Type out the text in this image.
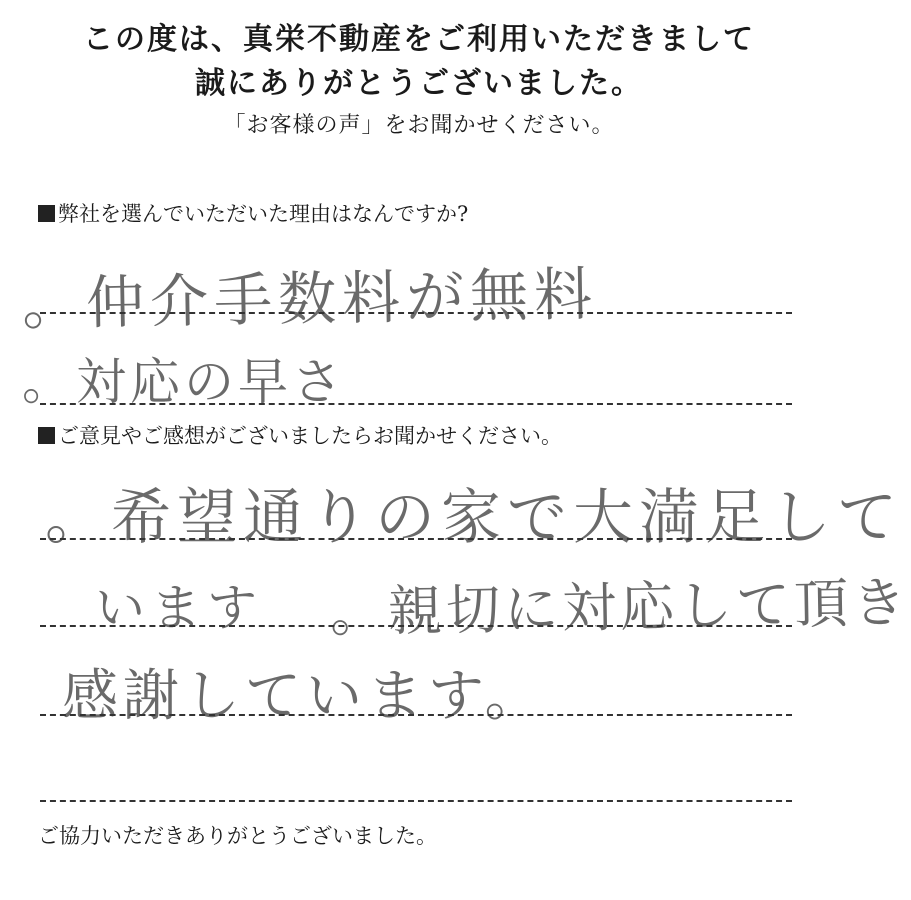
この度は、真栄不動産をご利用いただきまして
誠にありがとうございました。
「お客様の声」をお聞かせください。
弊社を選んでいただいた理由はなんですか?
。仲介手数料が無料
。対応の早さ
ご意見やご感想がございましたらお聞かせください。
。希望通りの家で大満足して
います 。親切に対応して頂き
感謝しています。
ご協力いただきありがとうございました。
